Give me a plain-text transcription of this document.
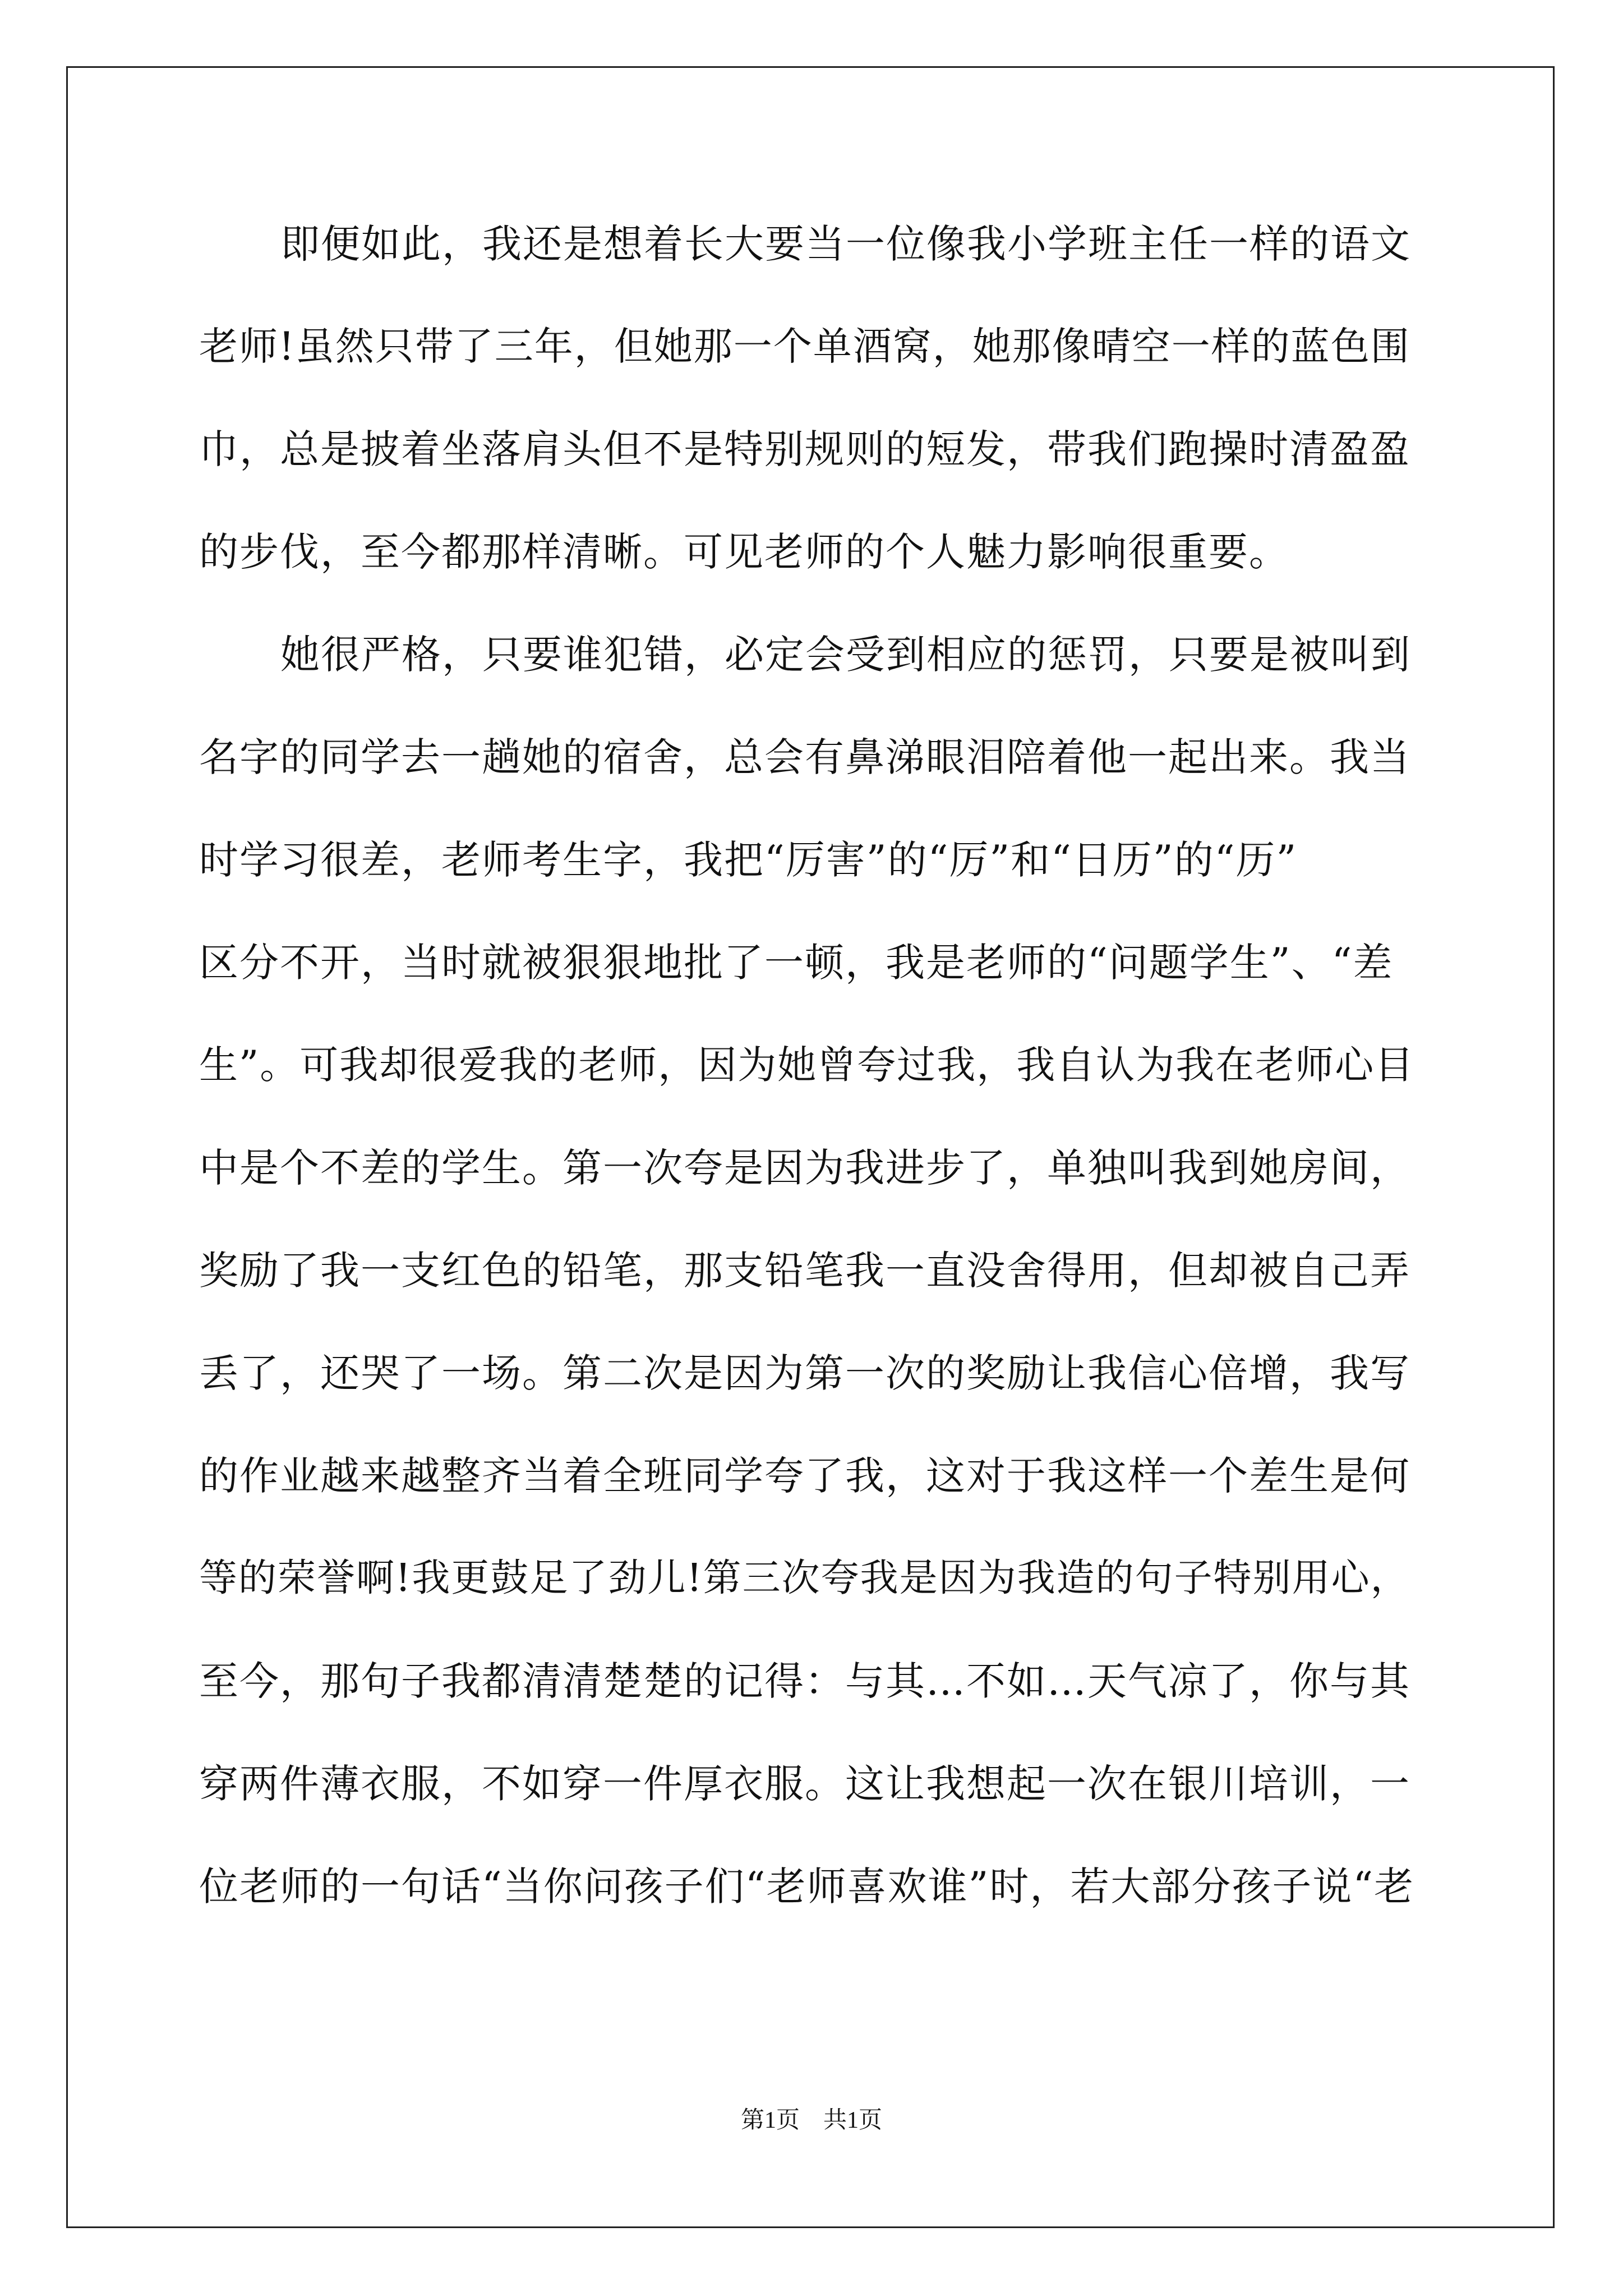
即便如此，我还是想着长大要当一位像我小学班主任一样的语文
老师!虽然只带了三年，但她那一个单酒窝，她那像晴空一样的蓝色围
巾，总是披着坐落肩头但不是特别规则的短发，带我们跑操时清盈盈
的步伐，至今都那样清晰。可见老师的个人魅力影响很重要。
她很严格，只要谁犯错，必定会受到相应的惩罚，只要是被叫到
名字的同学去一趟她的宿舍，总会有鼻涕眼泪陪着他一起出来。我当
时学习很差，老师考生字，我把“厉害”的“厉”和“日历”的“历”
区分不开，当时就被狠狠地批了一顿，我是老师的“问题学生”、“差
生”。可我却很爱我的老师，因为她曾夸过我，我自认为我在老师心目
中是个不差的学生。第一次夸是因为我进步了，单独叫我到她房间，
奖励了我一支红色的铅笔，那支铅笔我一直没舍得用，但却被自己弄
丢了，还哭了一场。第二次是因为第一次的奖励让我信心倍增，我写
的作业越来越整齐当着全班同学夸了我，这对于我这样一个差生是何
等的荣誉啊!我更鼓足了劲儿!第三次夸我是因为我造的句子特别用心，
至今，那句子我都清清楚楚的记得：与其…不如…天气凉了，你与其
穿两件薄衣服，不如穿一件厚衣服。这让我想起一次在银川培训，一
位老师的一句话“当你问孩子们“老师喜欢谁”时，若大部分孩子说“老
第1页　共1页
